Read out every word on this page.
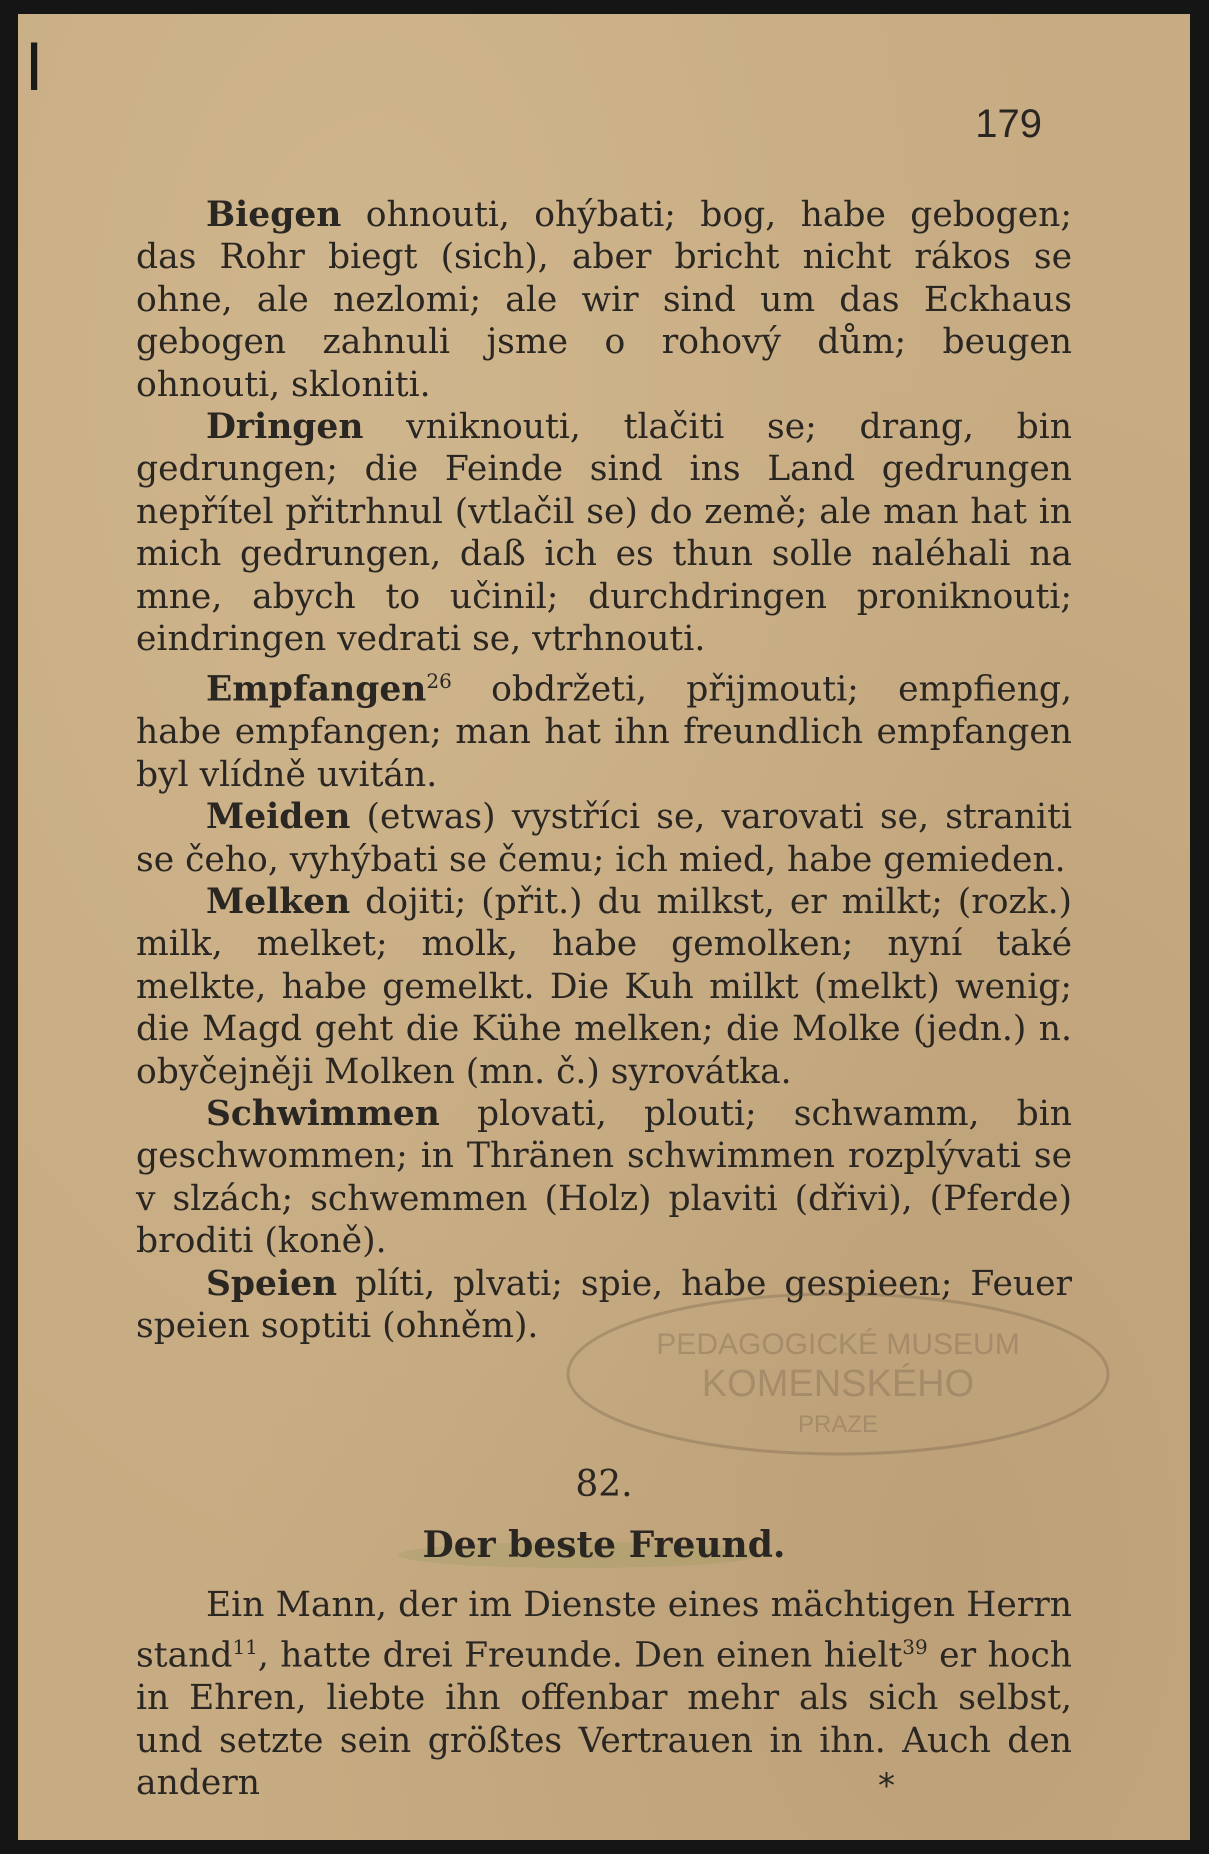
┃
179

Biegen ohnouti, ohýbati; bog, habe gebogen; das Rohr biegt (sich), aber bricht nicht rákos se ohne, ale nezlomi; ale wir sind um das Eckhaus gebogen zahnuli jsme o rohový dům; beugen ohnouti, skloniti.

Dringen vniknouti, tlačiti se; drang, bin gedrungen; die Feinde sind ins Land gedrungen nepřítel přitrhnul (vtlačil se) do země; ale man hat in mich gedrungen, daß ich es thun solle naléhali na mne, abych to učinil; durchdringen proniknouti; eindringen vedrati se, vtrhnouti.

Empfangen$^{26}$ obdržeti, přijmouti; empfieng, habe empfangen; man hat ihn freundlich empfangen byl vlídně uvitán.

Meiden (etwas) vystříci se, varovati se, straniti se čeho, vyhýbati se čemu; ich mied, habe gemieden.

Melken dojiti; (přit.) du milkst, er milkt; (rozk.) milk, melket; molk, habe gemolken; nyní také melkte, habe gemelkt. Die Kuh milkt (melkt) wenig; die Magd geht die Kühe melken; die Molke (jedn.) n. obyčejněji Molken (mn. č.) syrovátka.

Schwimmen plovati, plouti; schwamm, bin geschwommen; in Thränen schwimmen rozplývati se v slzách; schwemmen (Holz) plaviti (dřivi), (Pferde) broditi (koně).

Speien plíti, plvati; spie, habe gespieen; Feuer speien soptiti (ohněm).	PEDAGOGICKÉ MUSEUM
KOMENSKÉHO
PRAZE
82.
Der beste Freund.

Ein Mann, der im Dienste eines mächtigen Herrn stand$^{11}$, hatte drei Freunde. Den einen hielt$^{39}$ er hoch in Ehren, liebte ihn offenbar mehr als sich selbst, und setzte sein größtes Vertrauen in ihn. Auch den andern	*
